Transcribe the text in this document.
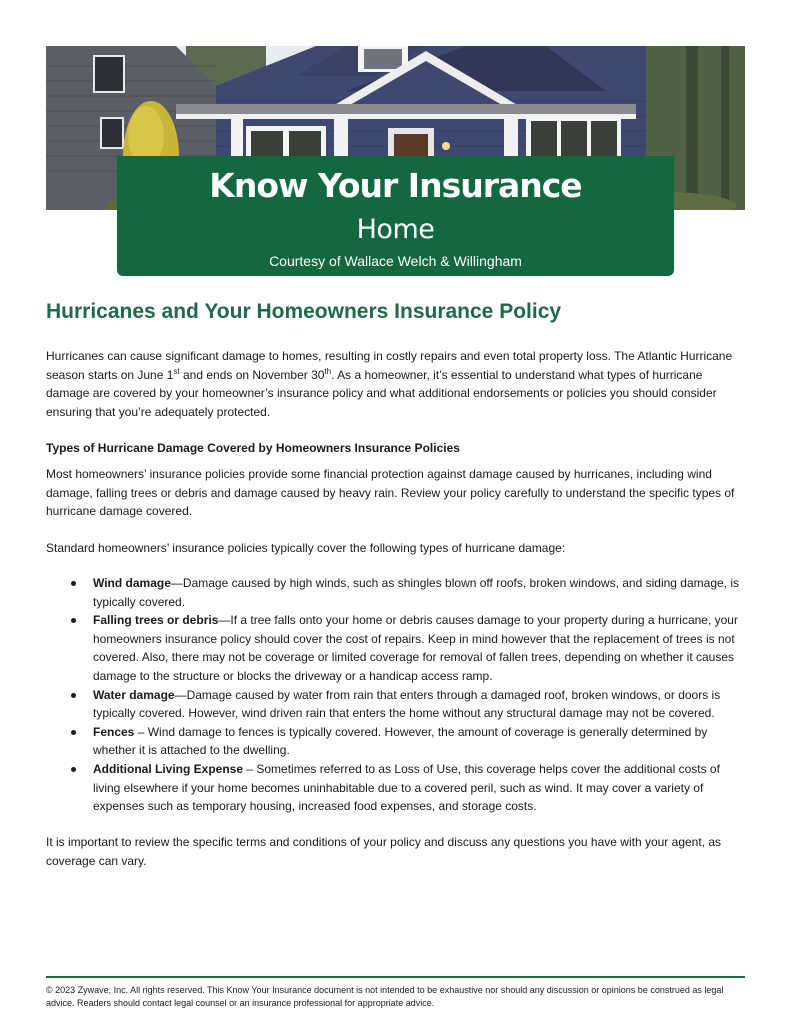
Know Your Insurance
Home
Courtesy of Wallace Welch & Willingham
Hurricanes and Your Homeowners Insurance Policy

Hurricanes can cause significant damage to homes, resulting in costly repairs and even total property loss. The Atlantic Hurricane season starts on June 1st and ends on November 30th. As a homeowner, it’s essential to understand what types of hurricane damage are covered by your homeowner’s insurance policy and what additional endorsements or policies you should consider ensuring that you’re adequately protected.

Types of Hurricane Damage Covered by Homeowners Insurance Policies

Most homeowners’ insurance policies provide some financial protection against damage caused by hurricanes, including wind damage, falling trees or debris and damage caused by heavy rain. Review your policy carefully to understand the specific types of hurricane damage covered.

Standard homeowners’ insurance policies typically cover the following types of hurricane damage:

Wind damage—Damage caused by high winds, such as shingles blown off roofs, broken windows, and siding damage, is typically covered.
Falling trees or debris—If a tree falls onto your home or debris causes damage to your property during a hurricane, your homeowners insurance policy should cover the cost of repairs. Keep in mind however that the replacement of trees is not covered. Also, there may not be coverage or limited coverage for removal of fallen trees, depending on whether it causes damage to the structure or blocks the driveway or a handicap access ramp.
Water damage—Damage caused by water from rain that enters through a damaged roof, broken windows, or doors is typically covered. However, wind driven rain that enters the home without any structural damage may not be covered.
Fences – Wind damage to fences is typically covered. However, the amount of coverage is generally determined by whether it is attached to the dwelling.
Additional Living Expense – Sometimes referred to as Loss of Use, this coverage helps cover the additional costs of living elsewhere if your home becomes uninhabitable due to a covered peril, such as wind. It may cover a variety of expenses such as temporary housing, increased food expenses, and storage costs.

It is important to review the specific terms and conditions of your policy and discuss any questions you have with your agent, as coverage can vary.

© 2023 Zywave, Inc. All rights reserved. This Know Your Insurance document is not intended to be exhaustive nor should any discussion or opinions be construed as legal advice. Readers should contact legal counsel or an insurance professional for appropriate advice.
